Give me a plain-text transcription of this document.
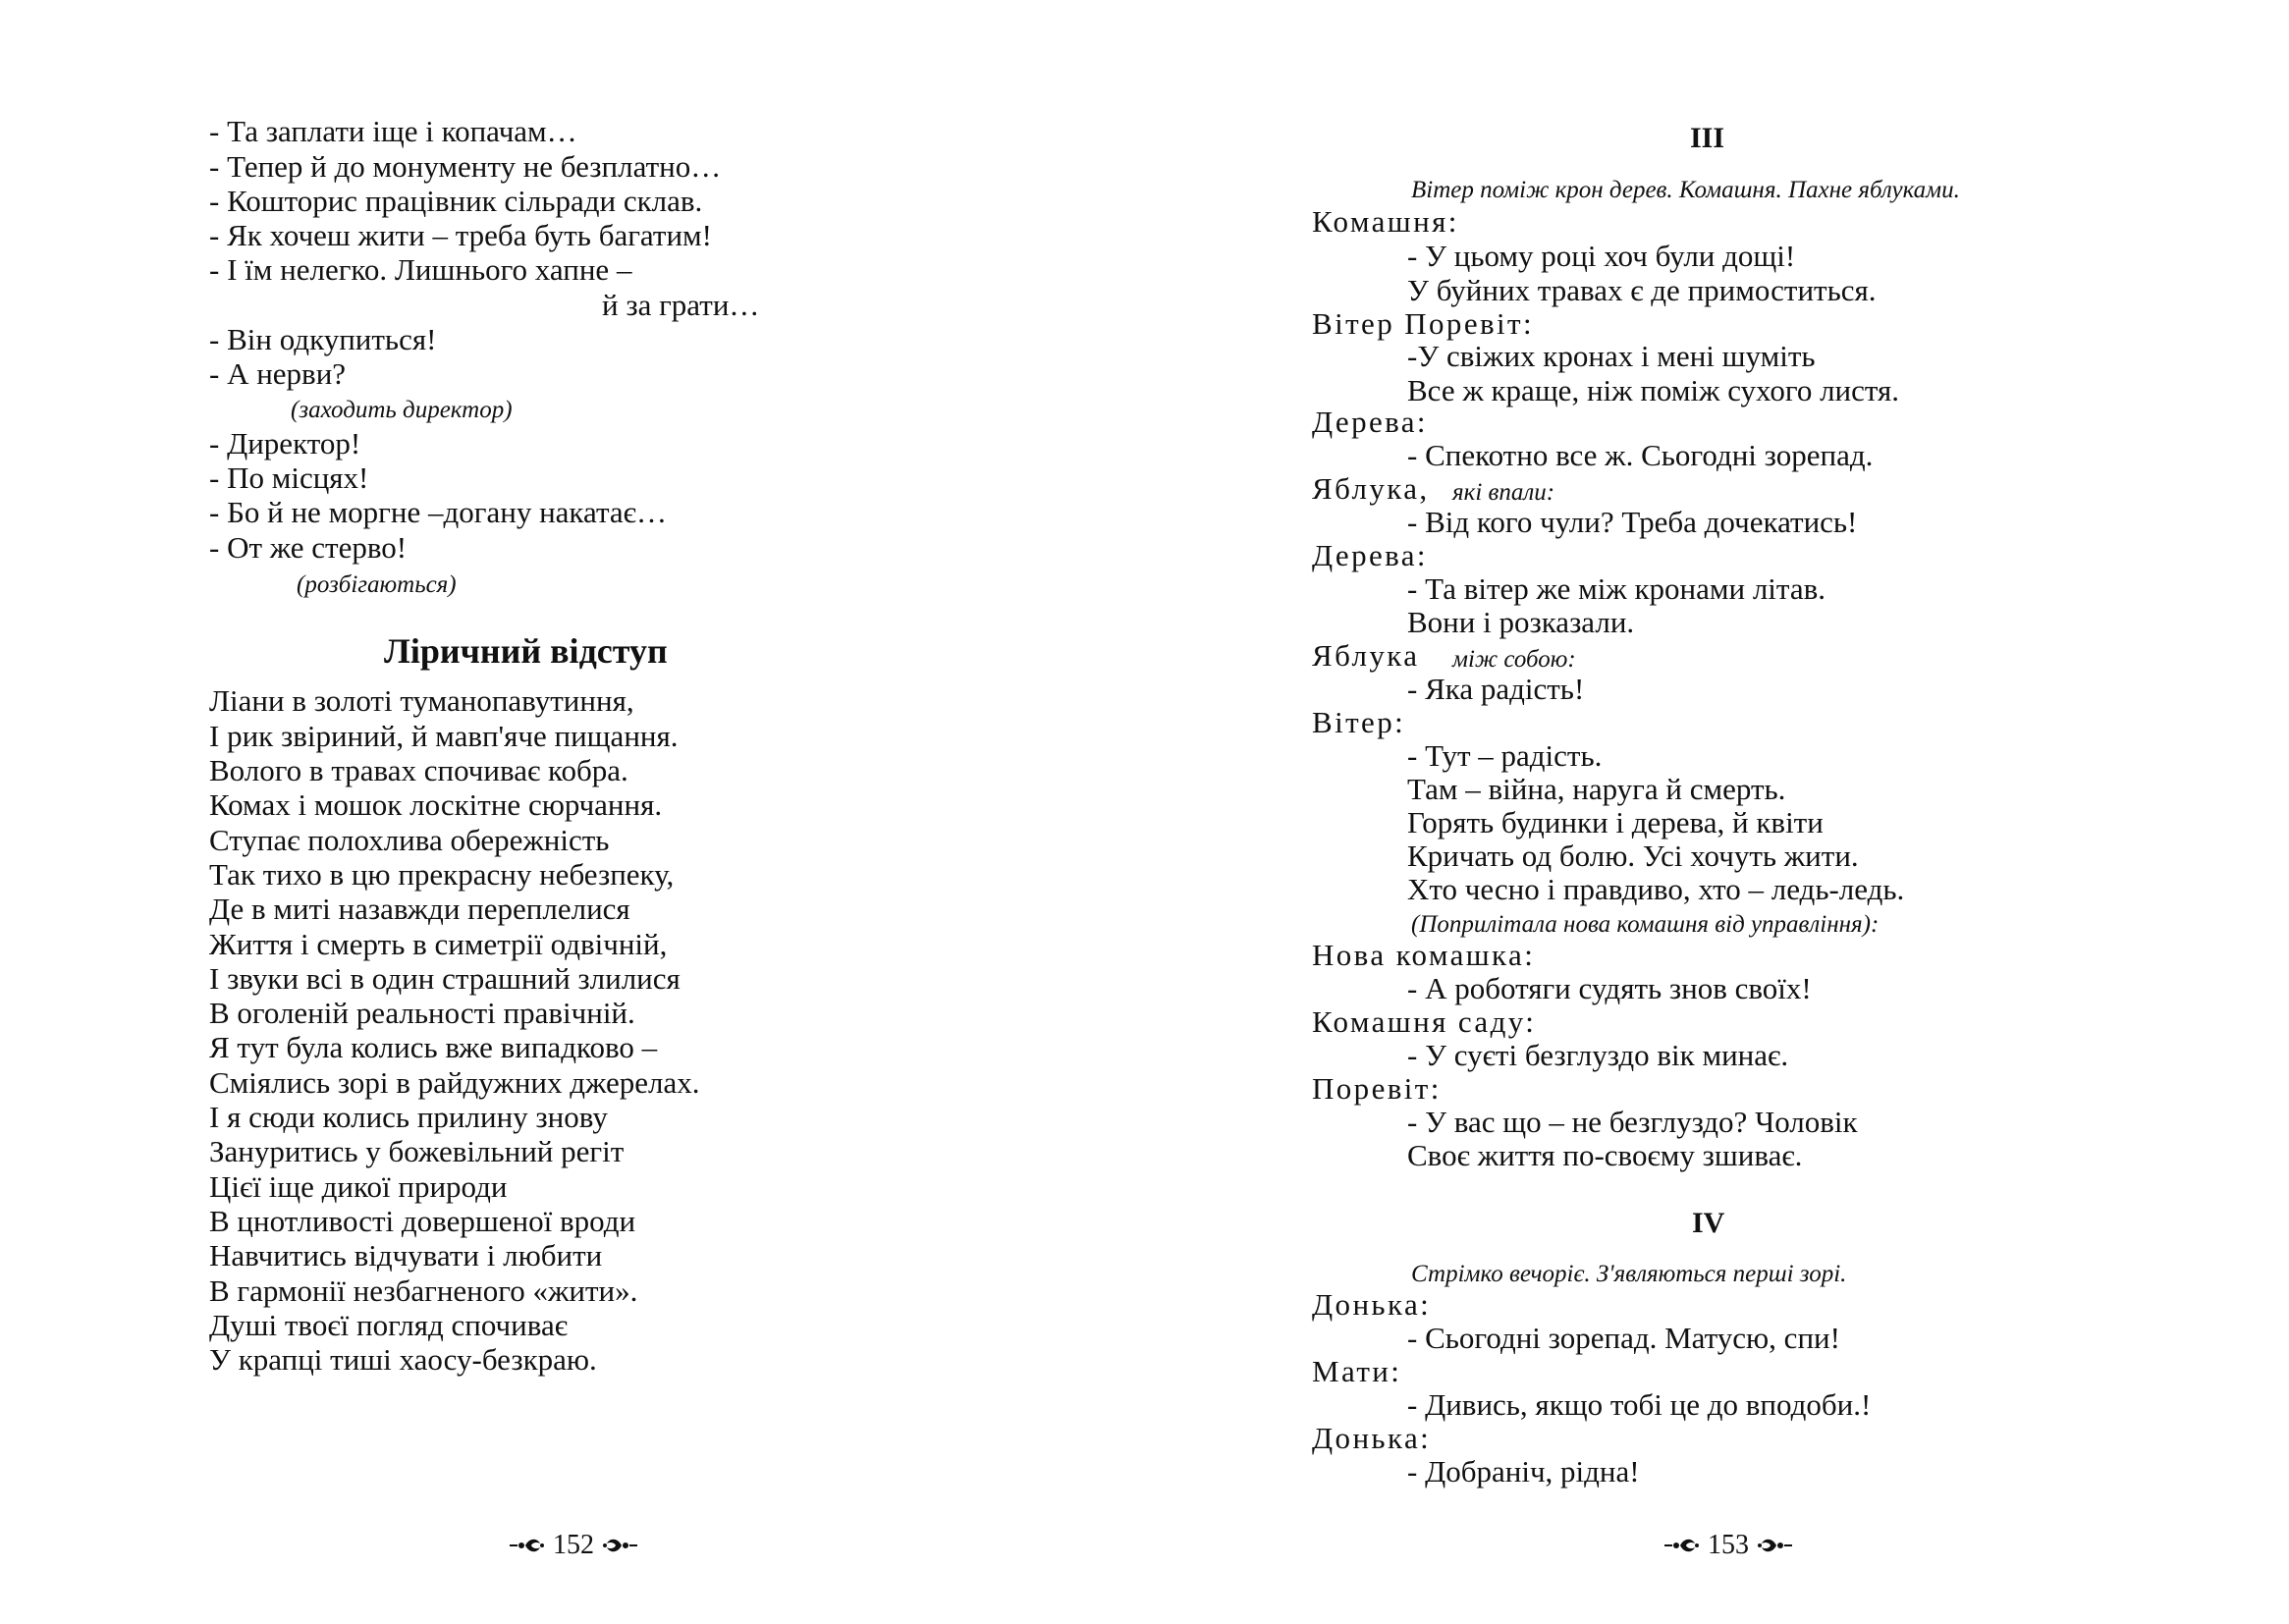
- Та заплати іще і копачам…
- Тепер й до монументу не безплатно…
- Кошторис працівник сільради склав.
- Як хочеш жити – треба буть багатим!
- І їм нелегко. Лишнього хапне –
й за грати…
- Він одкупиться!
- А нерви?
(заходить директор)
- Директор!
- По місцях!
- Бо й не моргне –догану накатає…
- От же стерво!
(розбігаються)
Ліричний відступ
Ліани в золоті туманопавутиння,
І рик звіриний, й мавп'яче пищання.
Волого в травах спочиває кобра.
Комах і мошок лоскітне сюрчання.
Ступає полохлива обережність
Так тихо в цю прекрасну небезпеку,
Де в миті назавжди переплелися
Життя і смерть в симетрії одвічній,
І звуки всі в один страшний злилися
В оголеній реальності правічній.
Я тут була колись вже випадково –
Сміялись зорі в райдужних джерелах.
І я сюди колись прилину знову
Зануритись у божевільний регіт
Цієї іще дикої природи
В цнотливості довершеної вроди
Навчитись відчувати і любити
В гармонії незбагненого «жити».
Душі твоєї погляд спочиває
У крапці тиші хаосу-безкраю.
152
III
Вітер поміж крон дерев. Комашня. Пахне яблуками.
Комашня:
- У цьому році хоч були дощі!
У буйних травах є де примоститься.
Вітер Поревіт:
-У свіжих кронах і мені шуміть
Все ж краще, ніж поміж сухого листя.
Дерева:
- Спекотно все ж. Сьогодні зорепад.
Яблука, які впали:
- Від кого чули? Треба дочекатись!
Дерева:
- Та вітер же між кронами літав.
Вони і розказали.
Яблука між собою:
- Яка радість!
Вітер:
- Тут – радість.
Там – війна, наруга й смерть.
Горять будинки і дерева, й квіти
Кричать од болю. Усі хочуть жити.
Хто чесно і правдиво, хто – ледь-ледь.
(Поприлітала нова комашня від управління):
Нова комашка:
- А роботяги судять знов своїх!
Комашня саду:
- У суєті безглуздо вік минає.
Поревіт:
- У вас що – не безглуздо? Чоловік
Своє життя по-своєму зшиває.
IV
Стрімко вечоріє. З'являються перші зорі.
Донька:
- Сьогодні зорепад. Матусю, спи!
Мати:
- Дивись, якщо тобі це до вподоби.!
Донька:
- Добраніч, рідна!
153
